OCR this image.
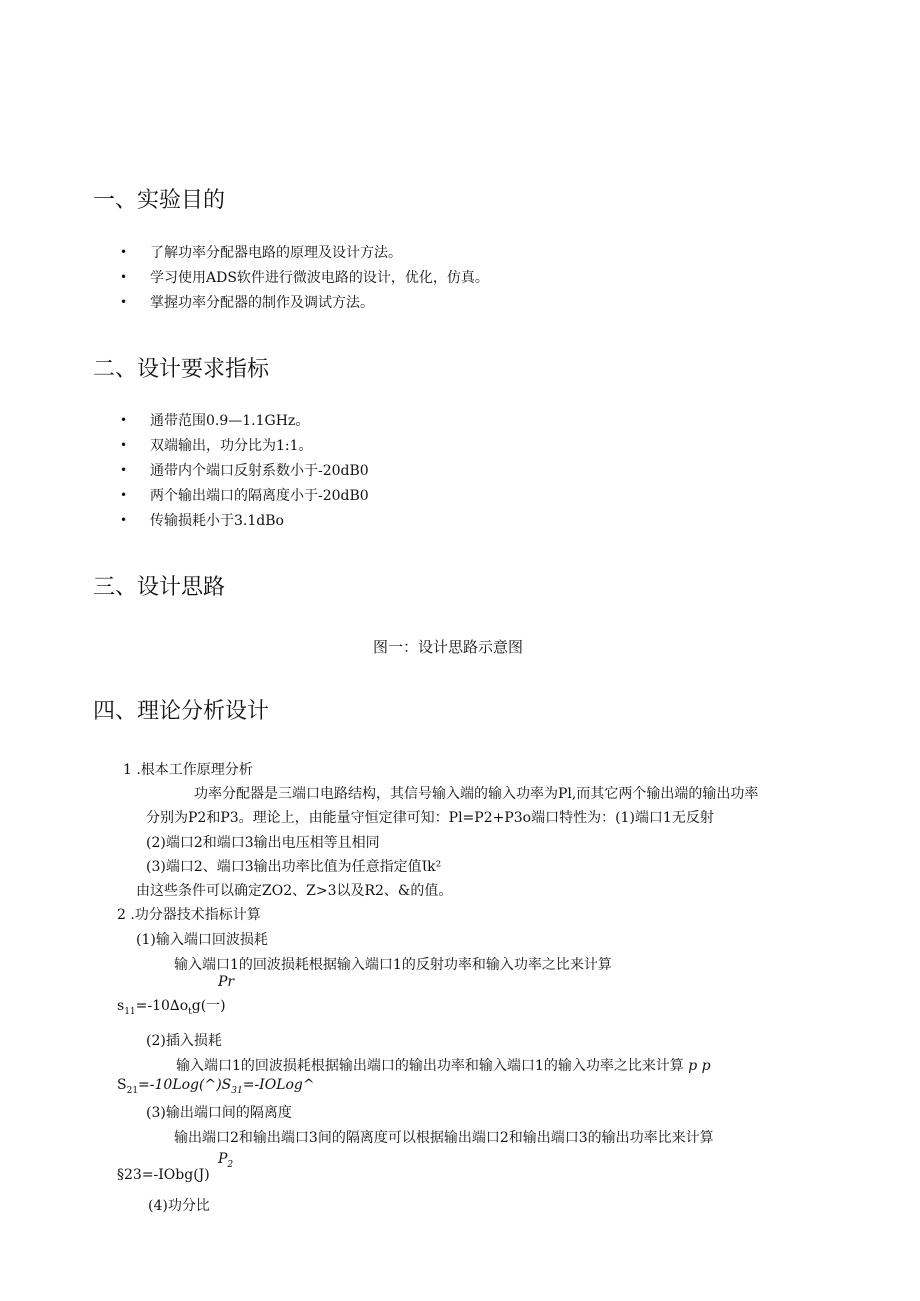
一、实验目的
• 了解功率分配器电路的原理及设计方法。
• 学习使用ADS软件进行微波电路的设计，优化，仿真。
• 掌握功率分配器的制作及调试方法。
二、设计要求指标
• 通带范围0.9—1.1GHz。
• 双端输出，功分比为1:1。
• 通带内个端口反射系数小于-20dB0
• 两个输出端口的隔离度小于-20dB0
• 传输损耗小于3.1dBo
三、设计思路
图一：设计思路示意图
四、理论分析设计
1 .根本工作原理分析
功率分配器是三端口电路结构，其信号输入端的输入功率为Pl,而其它两个输出端的输出功率
分别为P2和P3。理论上，由能量守恒定律可知：Pl=P2+P3o端口特性为：(1)端口1无反射
(2)端口2和端口3输出电压相等且相同
(3)端口2、端口3输出功率比值为任意指定值Ɩk²
由这些条件可以确定ZO2、Z>3以及R2、&的值。
2 .功分器技术指标计算
(1)输入端口回波损耗
输入端口1的回波损耗根据输入端口1的反射功率和输入功率之比来计算
Pr
$s_{11}=-10\Delta o_tg$(一)
(2)插入损耗
输入端口1的回波损耗根据输出端口的输出功率和输入端口1的输入功率之比来计算 p p
$S_{21}=-10Log(\^{})S_{31}=-IOLog\^{}$
(3)输出端口间的隔离度
输出端口2和输出端口3间的隔离度可以根据输出端口2和输出端口3的输出功率比来计算
$P_2$
§23=-IObg(J)
(4)功分比
